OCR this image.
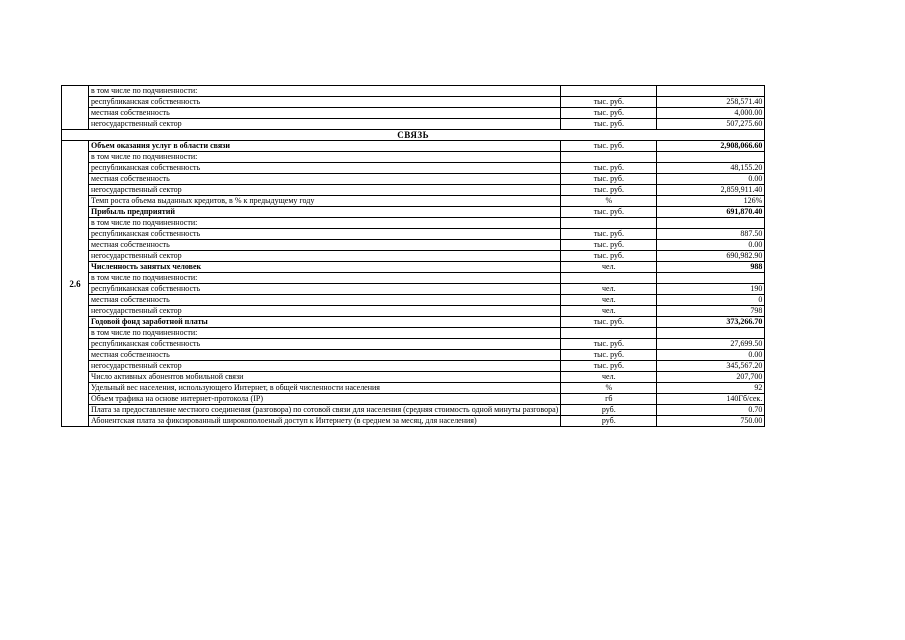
	в том числе по подчиненности:		
	республиканская собственность	тыс. руб.	258,571.40
	местная собственность	тыс. руб.	4,000.00
	негосударственный сектор	тыс. руб.	507,275.60
СВЯЗЬ			
2.6	Объем оказания услуг в области связи	тыс. руб.	2,908,066.60
	в том числе по подчиненности:		
	республиканская собственность	тыс. руб.	48,155.20
	местная собственность	тыс. руб.	0.00
	негосударственный сектор	тыс. руб.	2,859,911.40
	Темп роста объема выданных кредитов, в % к предыдущему году	%	126%
	Прибыль предприятий	тыс. руб.	691,870.40
	в том числе по подчиненности:		
	республиканская собственность	тыс. руб.	887.50
	местная собственность	тыс. руб.	0.00
	негосударственный сектор	тыс. руб.	690,982.90
	Численность занятых человек	чел.	988
	в том числе по подчиненности:		
	республиканская собственность	чел.	190
	местная собственность	чел.	0
	негосударственный сектор	чел.	798
	Годовой фонд заработной платы	тыс. руб.	373,266.70
	в том числе по подчиненности:		
	республиканская собственность	тыс. руб.	27,699.50
	местная собственность	тыс. руб.	0.00
	негосударственный сектор	тыс. руб.	345,567.20
	Число активных абонентов мобильной связи	чел.	207,700
	Удельный вес населения, использующего Интернет, в общей численности населения	%	92
	Объем трафика на основе интернет-протокола (IP)	гб	140Гб/сек.
	Плата за предоставление местного соединения (разговора) по сотовой связи для населения (средняя стоимость одной минуты разговора)	руб.	0.70
	Абонентская плата за фиксированный широкополоеный доступ к Интернету (в среднем за месяц, для населения)	руб.	750.00
